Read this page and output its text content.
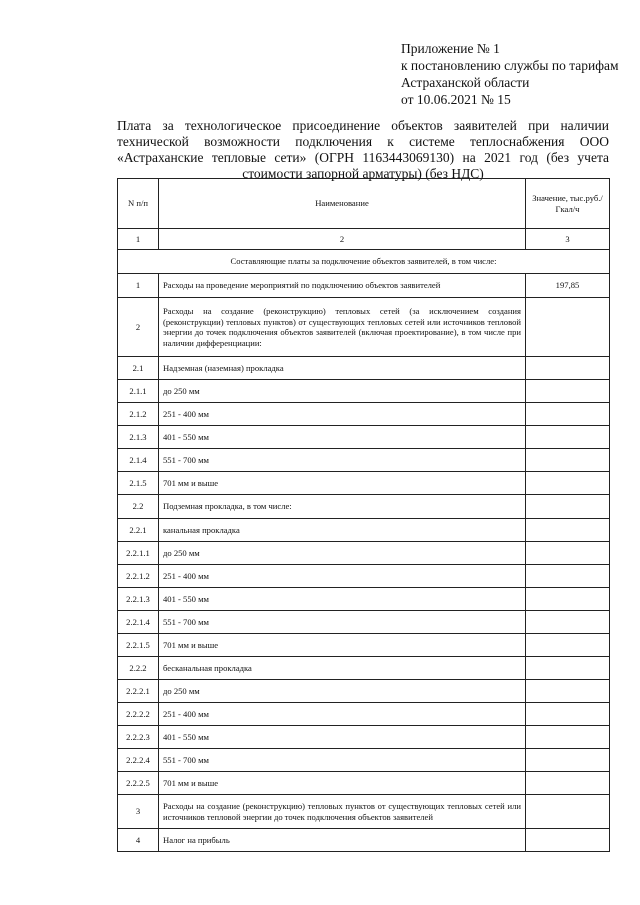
Приложение № 1
к постановлению службы по тарифам
Астраханской области
от 10.06.2021 № 15
Плата за технологическое присоединение объектов заявителей при наличии технической возможности подключения к системе теплоснабжения ООО «Астраханские тепловые сети» (ОГРН 1163443069130) на 2021 год (без учета стоимости запорной арматуры) (без НДС)
N п/п	Наименование	Значение, тыс.руб./Гкал/ч
1	2	3
Составляющие платы за подключение объектов заявителей, в том числе:		
1	Расходы на проведение мероприятий по подключению объектов заявителей	197,85
2	Расходы на создание (реконструкцию) тепловых сетей (за исключением создания (реконструкции) тепловых пунктов) от существующих тепловых сетей или источников тепловой энергии до точек подключения объектов заявителей (включая проектирование), в том числе при наличии дифференциации:	
2.1	Надземная (наземная) прокладка	
2.1.1	до 250 мм	
2.1.2	251 - 400 мм	
2.1.3	401 - 550 мм	
2.1.4	551 - 700 мм	
2.1.5	701 мм и выше	
2.2	Подземная прокладка, в том числе:	
2.2.1	канальная прокладка	
2.2.1.1	до 250 мм	
2.2.1.2	251 - 400 мм	
2.2.1.3	401 - 550 мм	
2.2.1.4	551 - 700 мм	
2.2.1.5	701 мм и выше	
2.2.2	бесканальная прокладка	
2.2.2.1	до 250 мм	
2.2.2.2	251 - 400 мм	
2.2.2.3	401 - 550 мм	
2.2.2.4	551 - 700 мм	
2.2.2.5	701 мм и выше	
3	Расходы на создание (реконструкцию) тепловых пунктов от существующих тепловых сетей или источников тепловой энергии до точек подключения объектов заявителей	
4	Налог на прибыль	
